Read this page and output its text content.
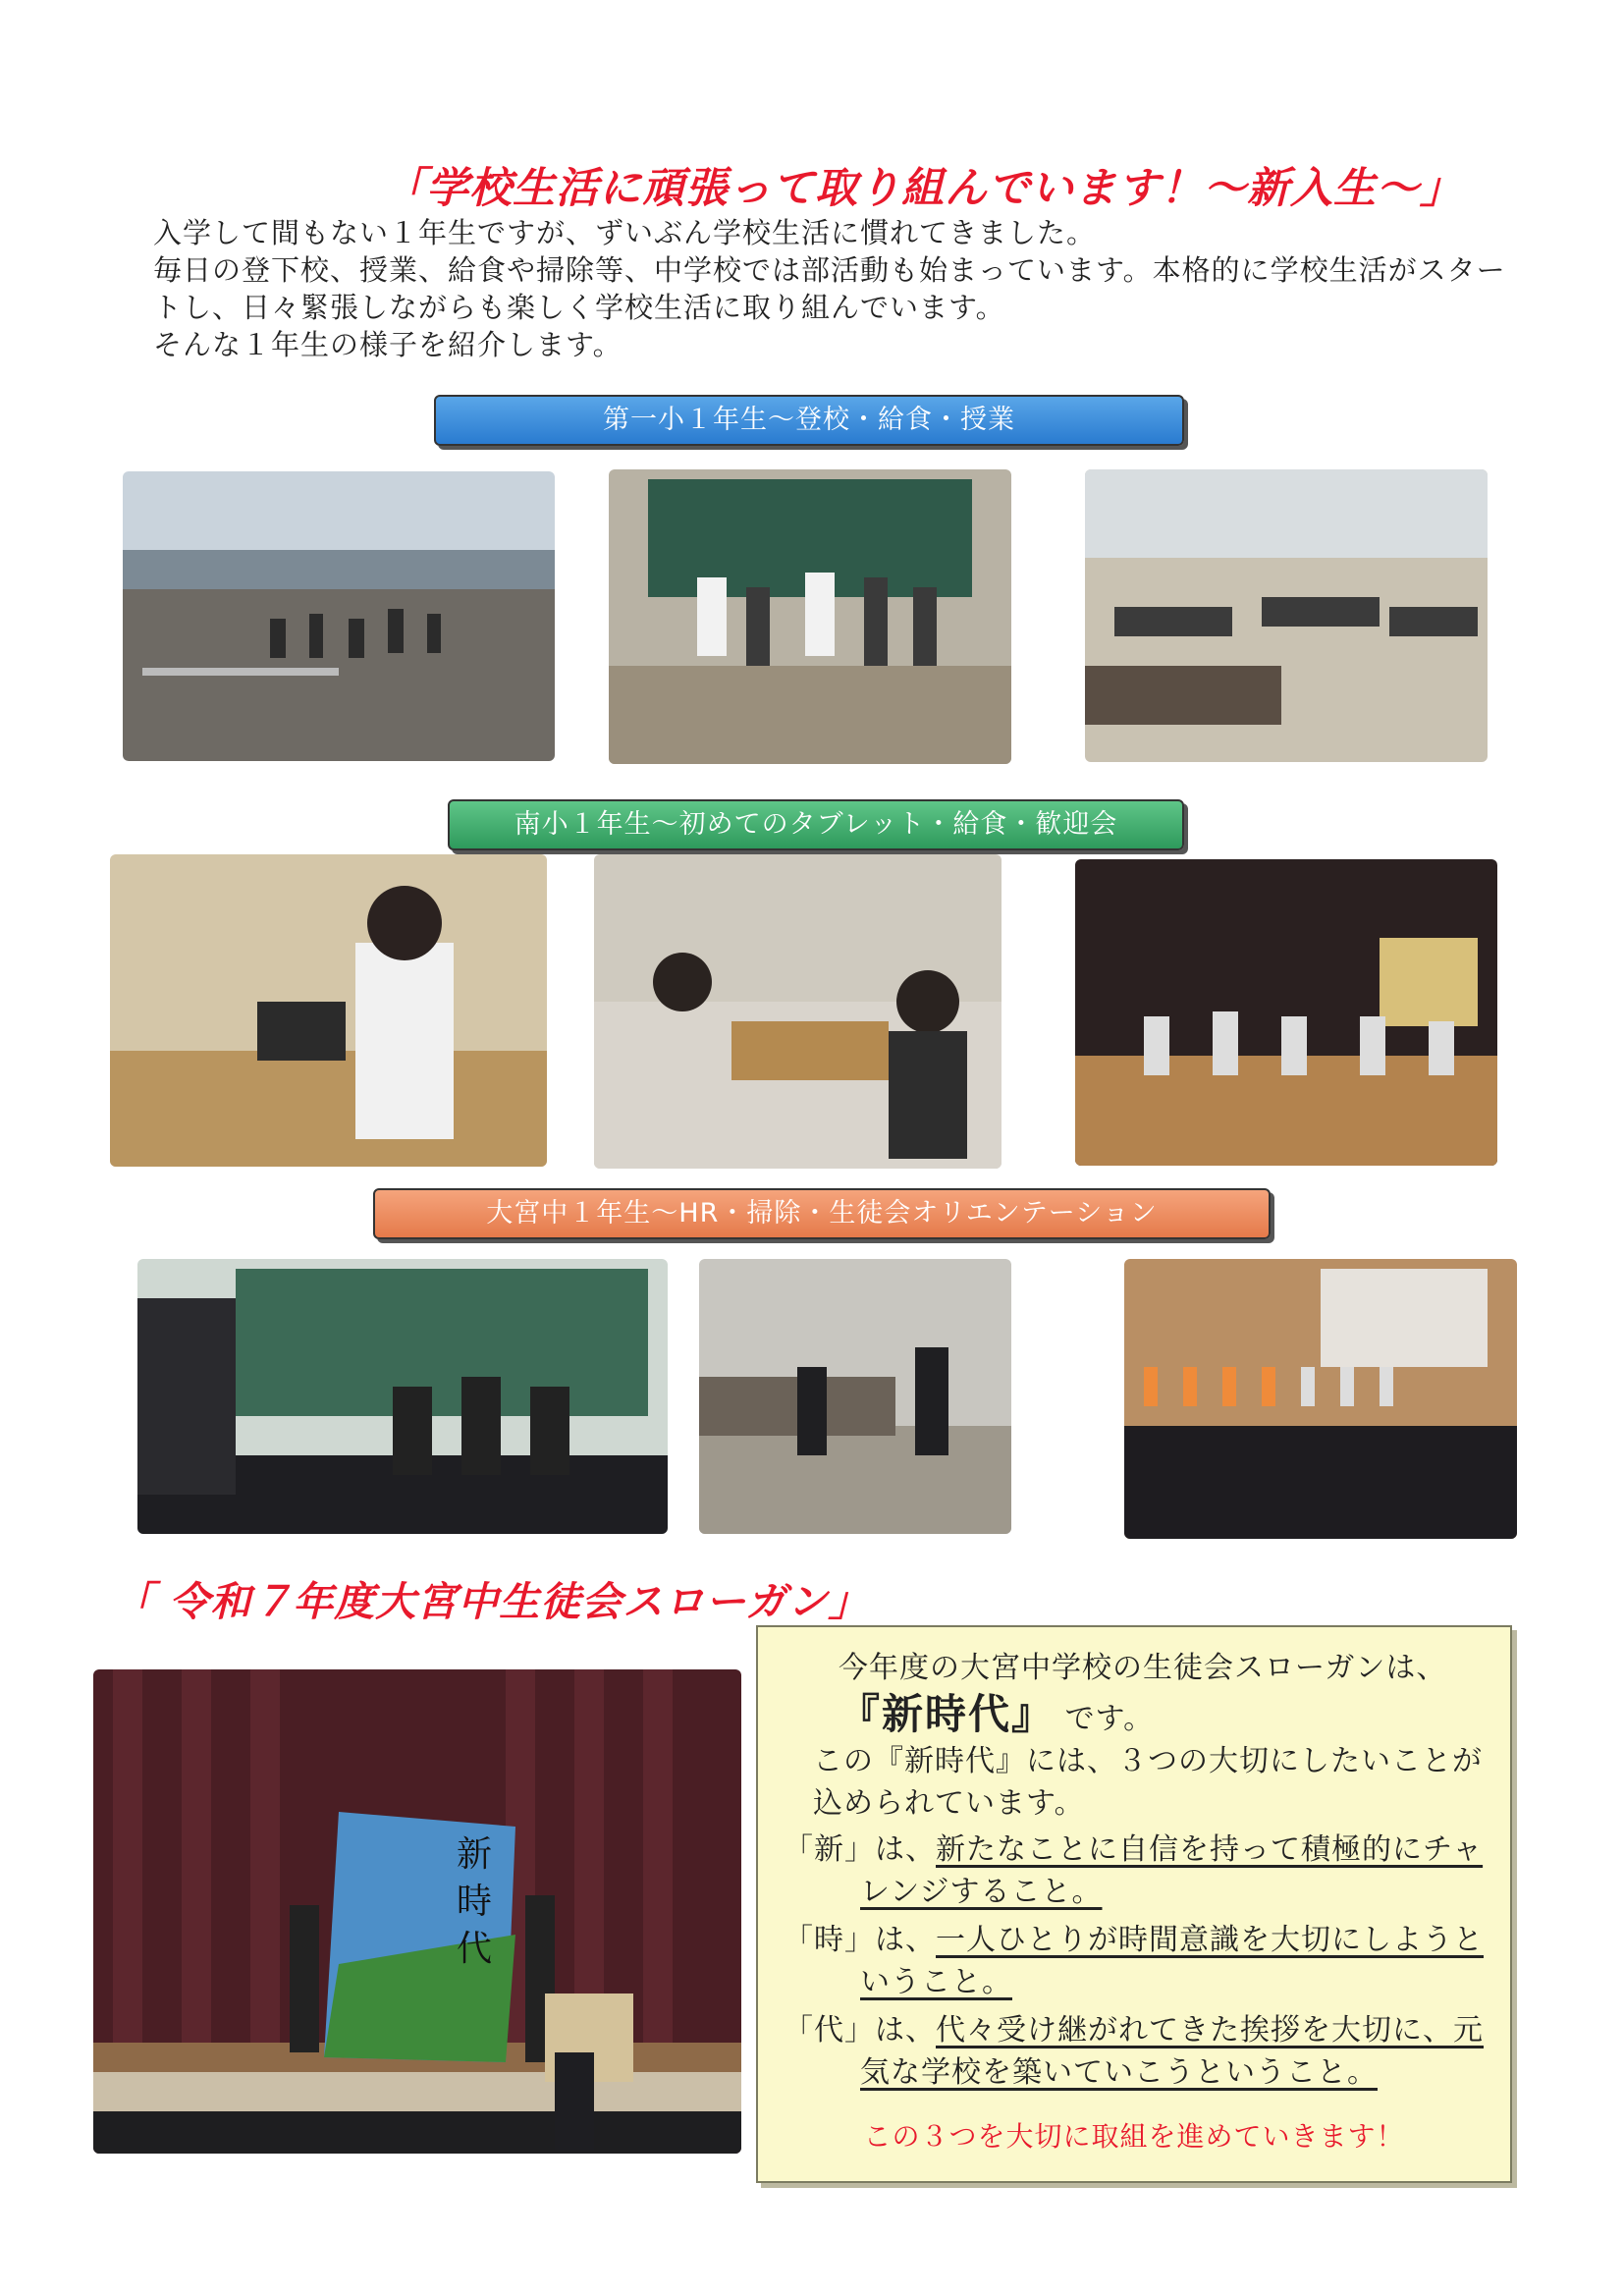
「学校生活に頑張って取り組んでいます！～新入生～」

入学して間もない１年生ですが、ずいぶん学校生活に慣れてきました。

毎日の登下校、授業、給食や掃除等、中学校では部活動も始まっています。本格的に学校生活がスタートし、日々緊張しながらも楽しく学校生活に取り組んでいます。

そんな１年生の様子を紹介します。

第一小１年生～登校・給食・授業
南小１年生～初めてのタブレット・給食・歓迎会
大宮中１年生～HR・掃除・生徒会オリエンテーション
「 令和７年度大宮中生徒会スローガン」
新時代

今年度の大宮中学校の生徒会スローガンは、

『新時代』 です。

この『新時代』には、３つの大切にしたいことが込められています。

「新」は、新たなことに自信を持って積極的にチャレンジすること。

「時」は、一人ひとりが時間意識を大切にしようということ。

「代」は、代々受け継がれてきた挨拶を大切に、元気な学校を築いていこうということ。

この３つを大切に取組を進めていきます！
